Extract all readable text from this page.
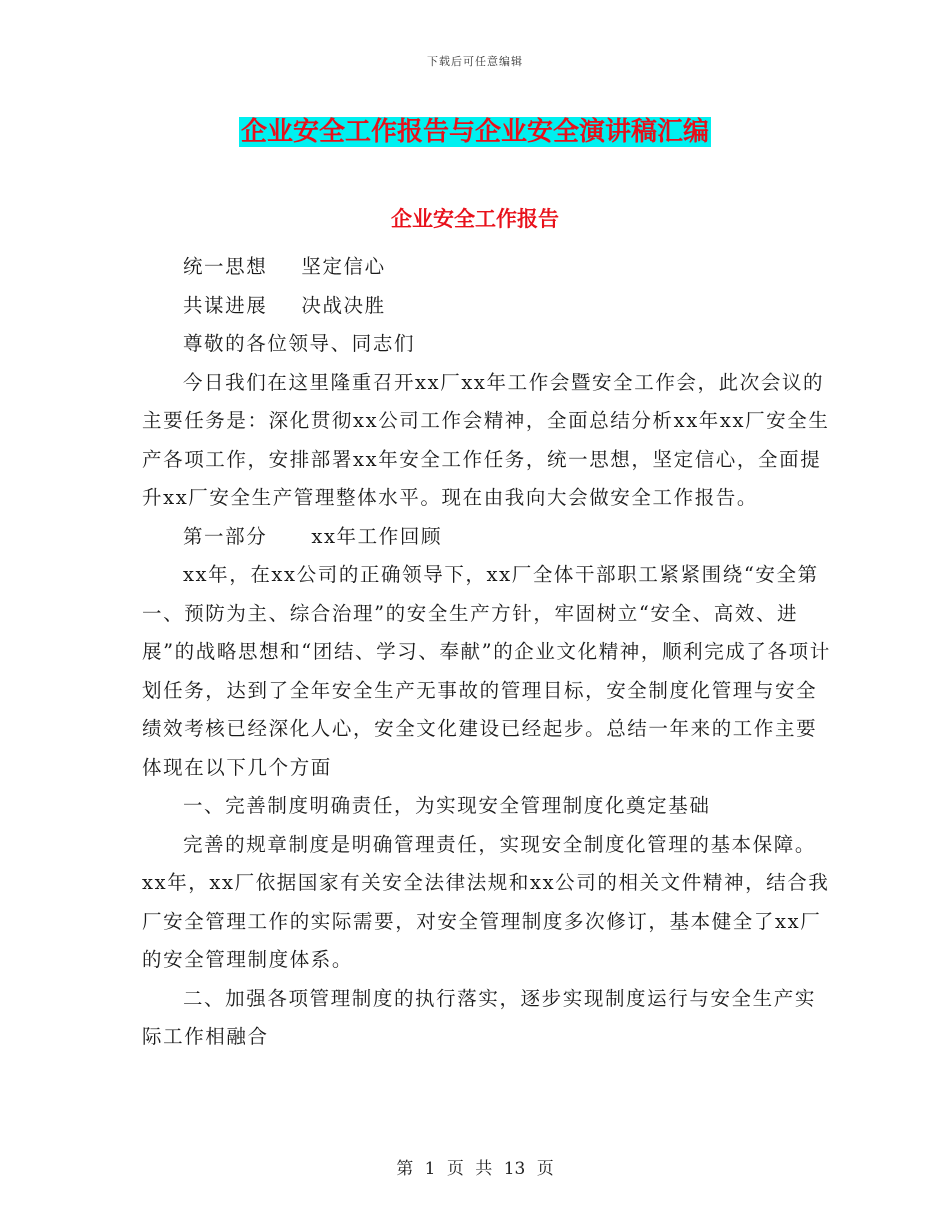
下载后可任意编辑
企业安全工作报告与企业安全演讲稿汇编
企业安全工作报告

统一思想 坚定信心

共谋进展 决战决胜

尊敬的各位领导、同志们

今日我们在这里隆重召开xx厂xx年工作会暨安全工作会，此次会议的主要任务是：深化贯彻xx公司工作会精神，全面总结分析xx年xx厂安全生产各项工作，安排部署xx年安全工作任务，统一思想，坚定信心，全面提升xx厂安全生产管理整体水平。现在由我向大会做安全工作报告。

第一部分 xx年工作回顾

xx年，在xx公司的正确领导下，xx厂全体干部职工紧紧围绕“安全第一、预防为主、综合治理”的安全生产方针，牢固树立“安全、高效、进展”的战略思想和“团结、学习、奉献”的企业文化精神，顺利完成了各项计划任务，达到了全年安全生产无事故的管理目标，安全制度化管理与安全绩效考核已经深化人心，安全文化建设已经起步。总结一年来的工作主要体现在以下几个方面

一、完善制度明确责任，为实现安全管理制度化奠定基础

完善的规章制度是明确管理责任，实现安全制度化管理的基本保障。xx年，xx厂依据国家有关安全法律法规和xx公司的相关文件精神，结合我厂安全管理工作的实际需要，对安全管理制度多次修订，基本健全了xx厂的安全管理制度体系。

二、加强各项管理制度的执行落实，逐步实现制度运行与安全生产实际工作相融合

第 1 页 共 13 页
